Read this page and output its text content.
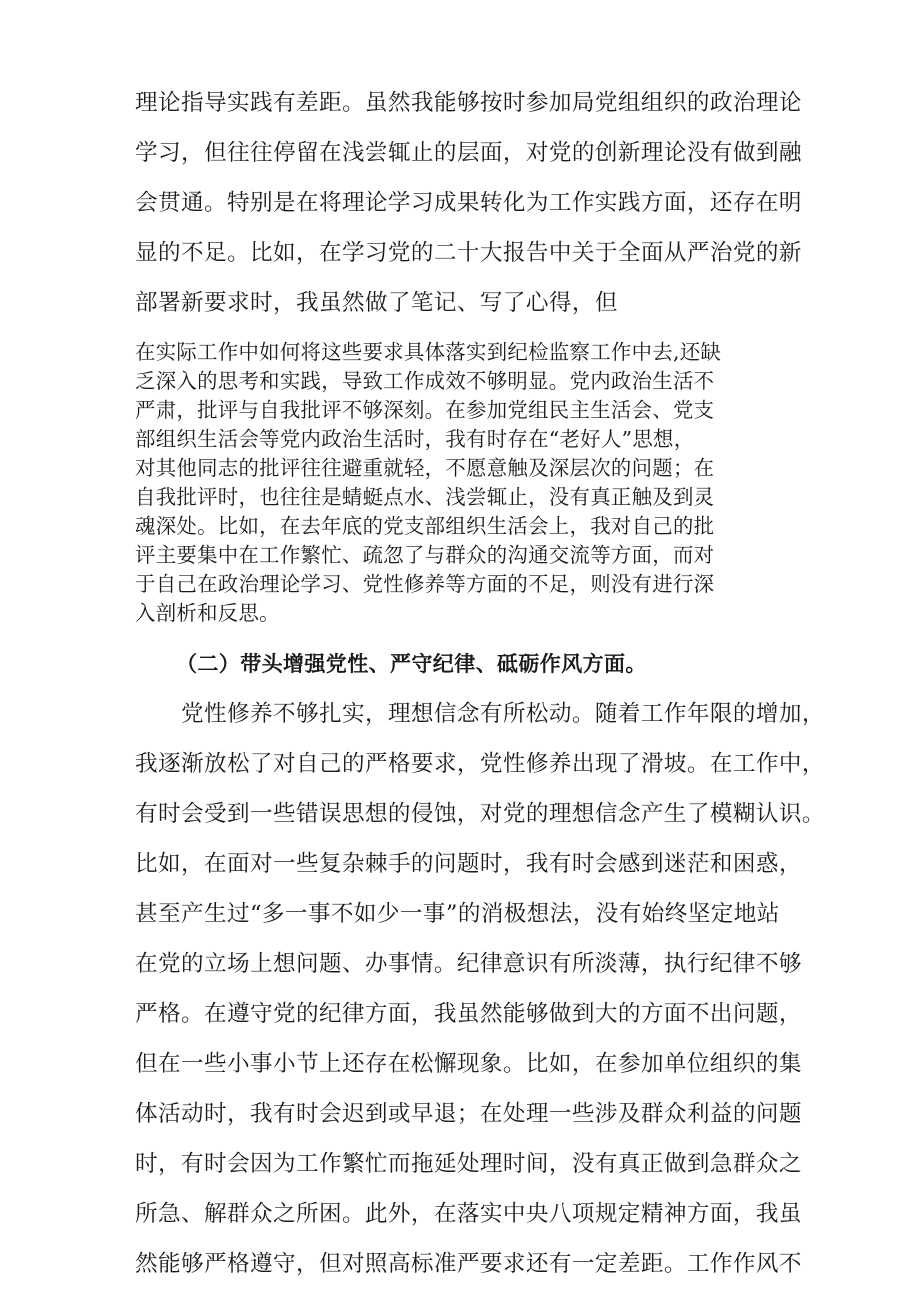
理论指导实践有差距。虽然我能够按时参加局党组组织的政治理论
学习，但往往停留在浅尝辄止的层面，对党的创新理论没有做到融
会贯通。特别是在将理论学习成果转化为工作实践方面，还存在明
显的不足。比如，在学习党的二十大报告中关于全面从严治党的新
部署新要求时，我虽然做了笔记、写了心得，但
在实际工作中如何将这些要求具体落实到纪检监察工作中去,还缺
乏深入的思考和实践，导致工作成效不够明显。党内政治生活不
严肃，批评与自我批评不够深刻。在参加党组民主生活会、党支
部组织生活会等党内政治生活时，我有时存在“老好人”思想，
对其他同志的批评往往避重就轻，不愿意触及深层次的问题；在
自我批评时，也往往是蜻蜓点水、浅尝辄止，没有真正触及到灵
魂深处。比如，在去年底的党支部组织生活会上，我对自己的批
评主要集中在工作繁忙、疏忽了与群众的沟通交流等方面，而对
于自己在政治理论学习、党性修养等方面的不足，则没有进行深
入剖析和反思。
（二）带头增强党性、严守纪律、砥砺作风方面。
党性修养不够扎实，理想信念有所松动。随着工作年限的增加，
我逐渐放松了对自己的严格要求，党性修养出现了滑坡。在工作中，
有时会受到一些错误思想的侵蚀，对党的理想信念产生了模糊认识。
比如，在面对一些复杂棘手的问题时，我有时会感到迷茫和困惑，
甚至产生过“多一事不如少一事”的消极想法，没有始终坚定地站
在党的立场上想问题、办事情。纪律意识有所淡薄，执行纪律不够
严格。在遵守党的纪律方面，我虽然能够做到大的方面不出问题，
但在一些小事小节上还存在松懈现象。比如，在参加单位组织的集
体活动时，我有时会迟到或早退；在处理一些涉及群众利益的问题
时，有时会因为工作繁忙而拖延处理时间，没有真正做到急群众之
所急、解群众之所困。此外，在落实中央八项规定精神方面，我虽
然能够严格遵守，但对照高标准严要求还有一定差距。工作作风不
